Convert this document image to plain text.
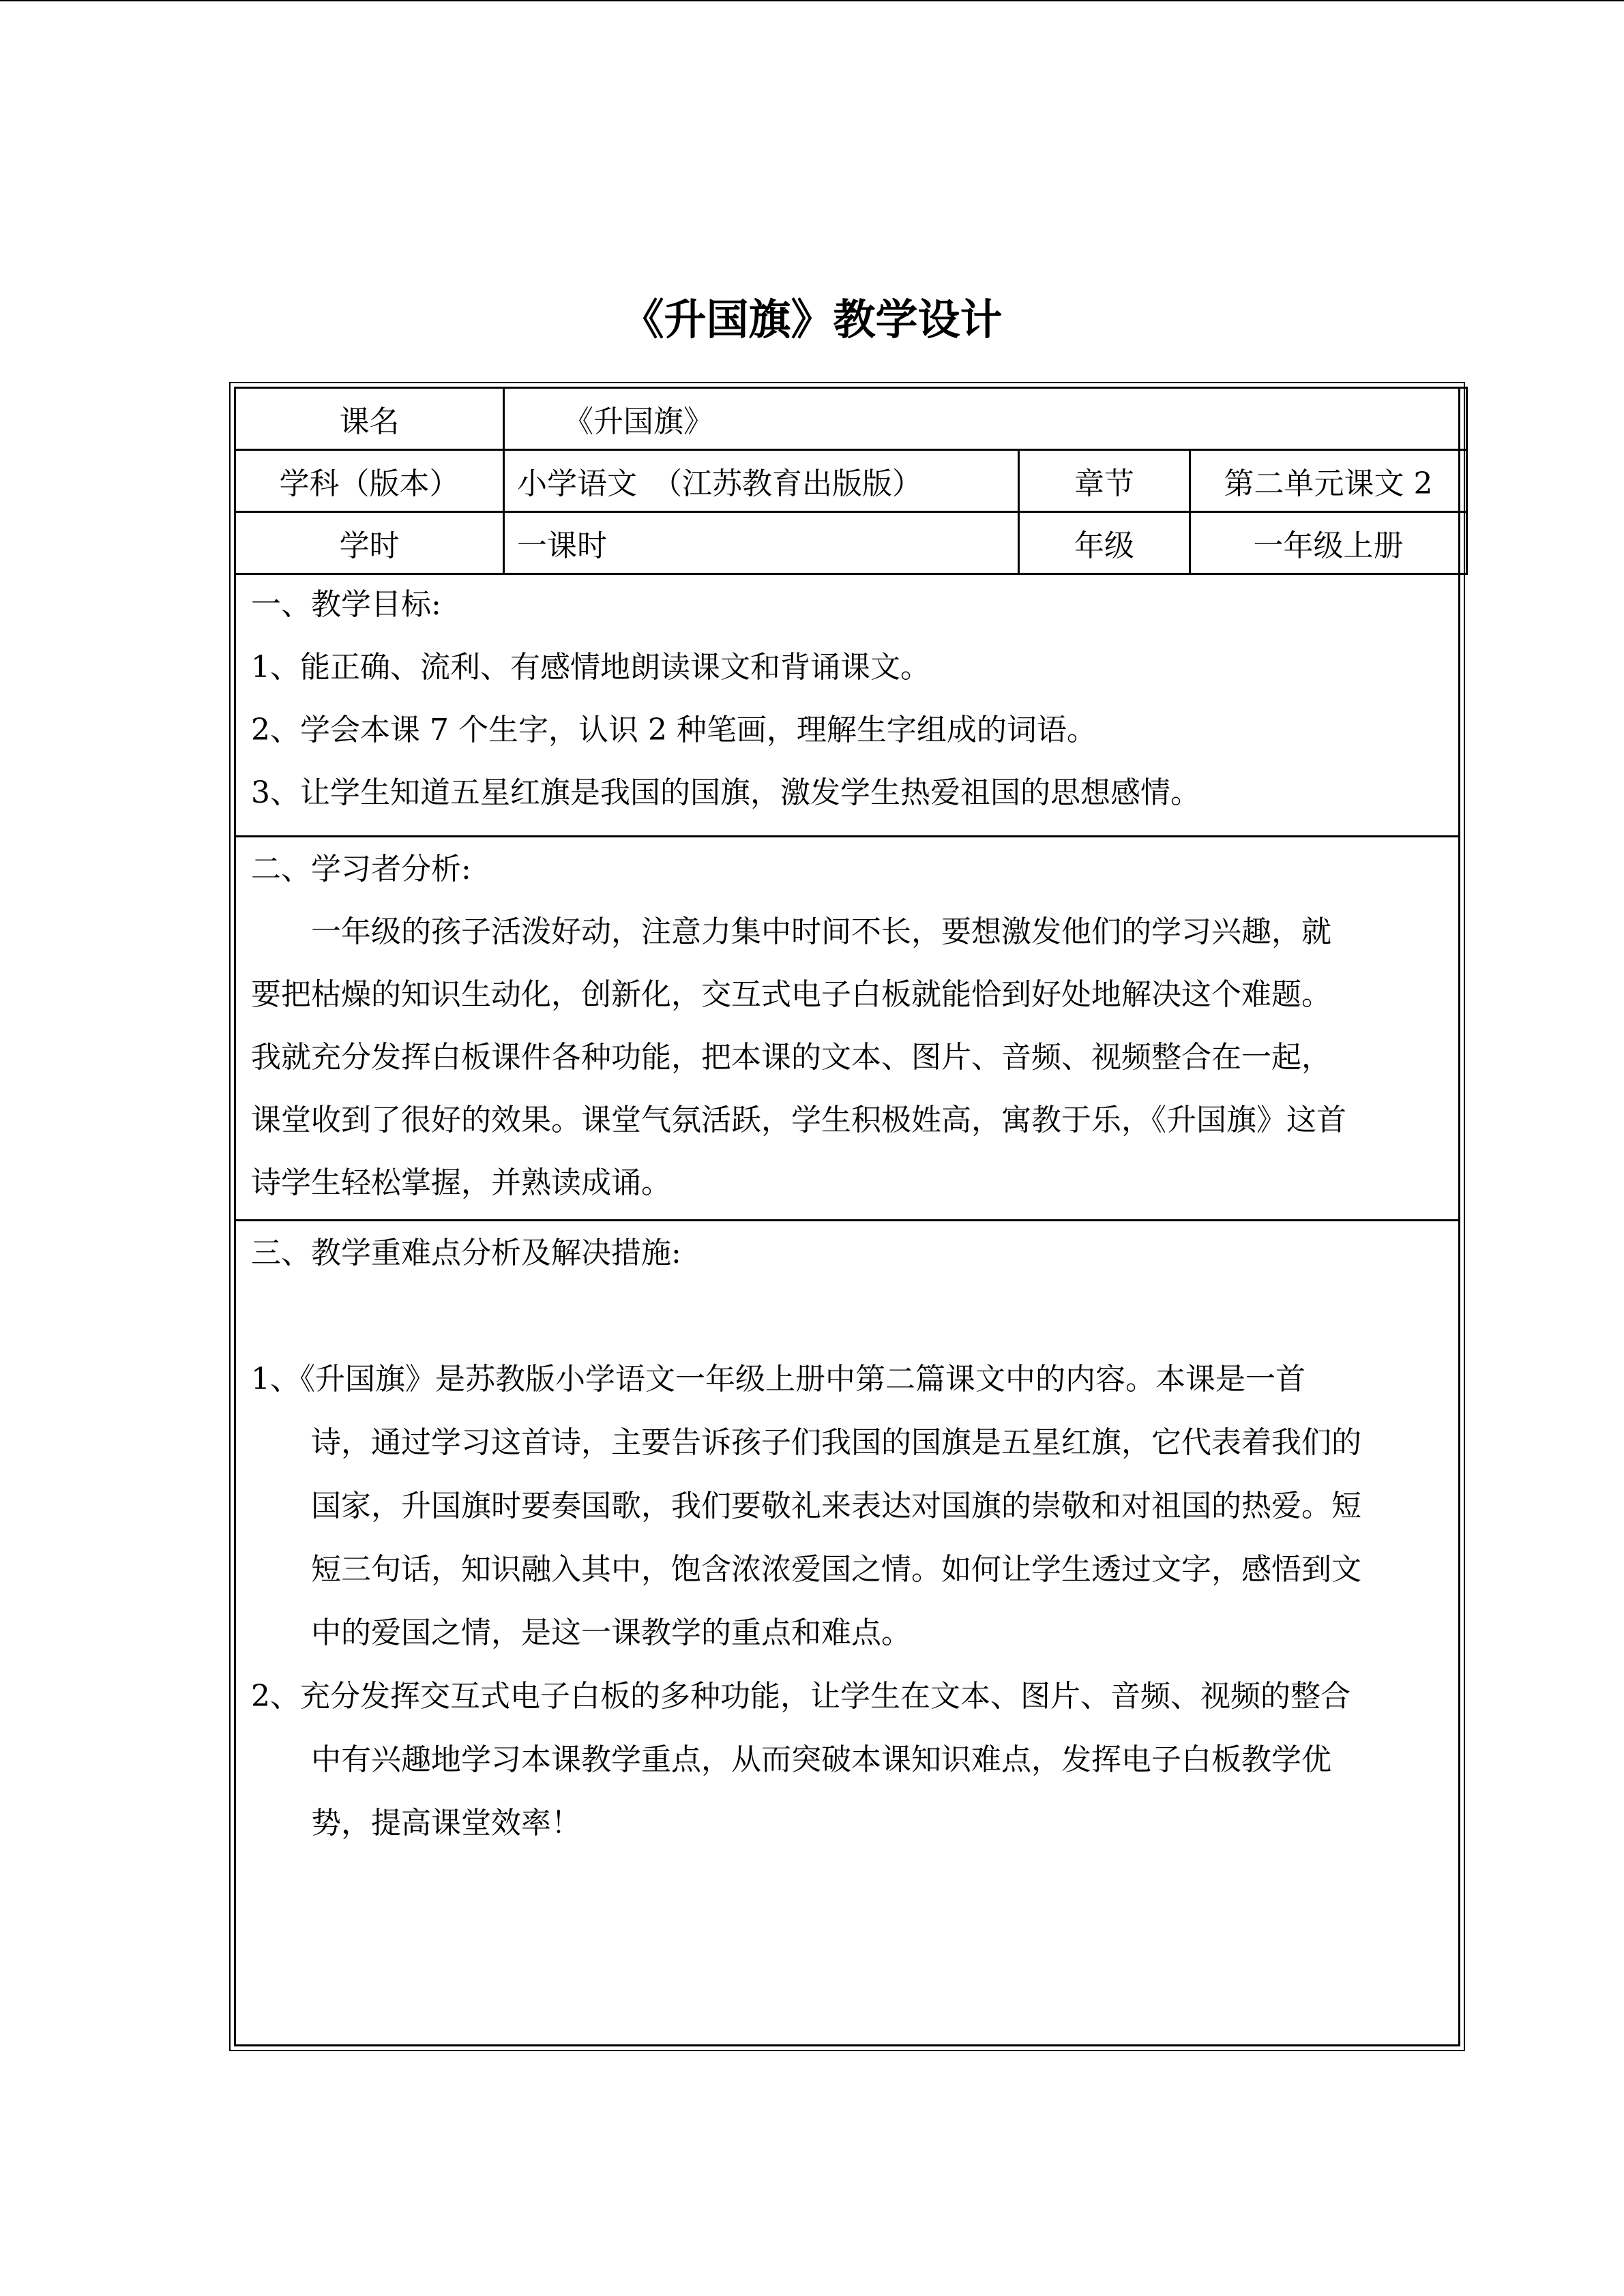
《升国旗》教学设计
课名	《升国旗》		
学科（版本）	小学语文　（江苏教育出版版）	章节	第二单元课文 2
学时	一课时	年级	一年级上册
一、教学目标:
1、能正确、流利、有感情地朗读课文和背诵课文。
2、学会本课 7 个生字，认识 2 种笔画，理解生字组成的词语。
3、让学生知道五星红旗是我国的国旗，激发学生热爱祖国的思想感情。
二、学习者分析:
　　一年级的孩子活泼好动，注意力集中时间不长，要想激发他们的学习兴趣，就
要把枯燥的知识生动化，创新化，交互式电子白板就能恰到好处地解决这个难题。
我就充分发挥白板课件各种功能，把本课的文本、图片、音频、视频整合在一起，
课堂收到了很好的效果。课堂气氛活跃，学生积极姓高，寓教于乐，《升国旗》这首
诗学生轻松掌握，并熟读成诵。
三、教学重难点分析及解决措施:
1、《升国旗》是苏教版小学语文一年级上册中第二篇课文中的内容。本课是一首
　　诗，通过学习这首诗，主要告诉孩子们我国的国旗是五星红旗，它代表着我们的
　　国家，升国旗时要奏国歌，我们要敬礼来表达对国旗的崇敬和对祖国的热爱。短
　　短三句话，知识融入其中，饱含浓浓爱国之情。如何让学生透过文字，感悟到文
　　中的爱国之情，是这一课教学的重点和难点。
2、充分发挥交互式电子白板的多种功能，让学生在文本、图片、音频、视频的整合
　　中有兴趣地学习本课教学重点，从而突破本课知识难点，发挥电子白板教学优
　　势，提高课堂效率！
